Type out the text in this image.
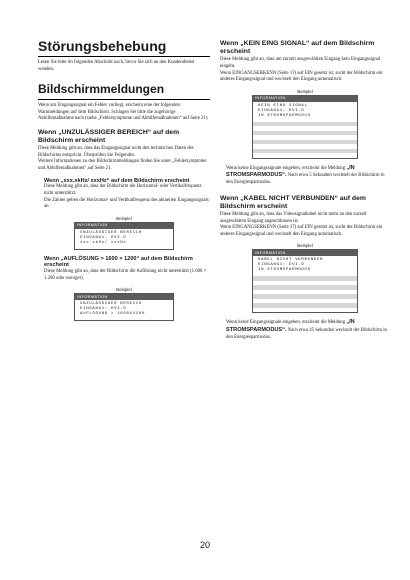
Störungsbehebung

Lesen Sie bitte im folgenden Abschnitt nach, bevor Sie sich an den Kundendienst wenden.

Bildschirmmeldungen

Wenn am Eingangssignal ein Fehler vorliegt, erscheint eine der folgenden Warnmeldungen auf dem Bildschirm. Schlagen Sie bitte die zugehörige Abhilfemaßnahme nach (siehe „Fehlersymptome und Abhilfemaßnahmen“ auf Seite 21).

Wenn „UNZULÄSSIGER BEREICH“ auf dem Bildschirm erscheint

Diese Meldung gibt an, dass das Eingangssignal nicht den technischen Daten des Bildschirms entspricht. Überprüfen Sie Folgendes.

Weitere Informationen zu den Bildschirmmeldungen finden Sie unter „Fehlersymptome und Abhilfemaßnahmen“ auf Seite 21.

Wenn „xxx.xkHz/ xxxHz“ auf dem Bildschirm erscheint

Diese Meldung gibt an, dass der Bildschirm die Horizontal- oder Vertikalfrequenz nicht unterstützt.

Die Zahlen geben die Horizontal- und Vertikalfrequenz des aktuellen Eingangssignals an.

Beispiel
INFORMATION
UNZULÄSSIGER BEREICH
EINGANG1: DVI-D
xxx.xkHz/ xxxHz
Wenn „AUFLÖSUNG > 1600 × 1200“ auf dem Bildschirm erscheint

Diese Meldung gibt an, dass der Bildschirm die Auflösung nicht unterstützt (1.600 × 1.200 oder weniger).

Beispiel
INFORMATION
UNZULÄSSIGER BEREICH
EINGANG1: DVI-D
AUFLÖSUNG > 1600X1200
Wenn „KEIN EING SIGNAL“ auf dem Bildschirm erscheint

Diese Meldung gibt an, dass am zurzeit ausgewählten Eingang kein Eingangssignal eingeht.

Wenn EINGANGSERKENN (Seite 17) auf EIN gesetzt ist, sucht der Bildschirm ein anderes Eingangssignal und wechselt den Eingang automatisch.

Beispiel
INFORMATION
KEIN EING SIGNAL
EINGANG1: DVI-D
IN STROMSPARMODUS

Wenn keine Eingangssignale eingehen, erscheint die Meldung „IN STROMSPARMODUS“. Nach etwa 5 Sekunden wechselt der Bildschirm in den Energiesparmodus.

Wenn „KABEL NICHT VERBUNDEN“ auf dem Bildschirm erscheint

Diese Meldung gibt an, dass das Videosignalkabel nicht mehr an den zurzeit ausgewählten Eingang angeschlossen ist.

Wenn EINGANGSERKENN (Seite 17) auf EIN gesetzt ist, sucht der Bildschirm ein anderes Eingangssignal und wechselt den Eingang automatisch.

Beispiel
INFORMATION
KABEL NICHT VERBUNDEN
EINGANG1: DVI-D
IN STROMSPARMODUS

Wenn keine Eingangssignale eingehen, erscheint die Meldung „IN STROMSPARMODUS“. Nach etwa 45 Sekunden wechselt der Bildschirm in den Energiesparmodus.

20
